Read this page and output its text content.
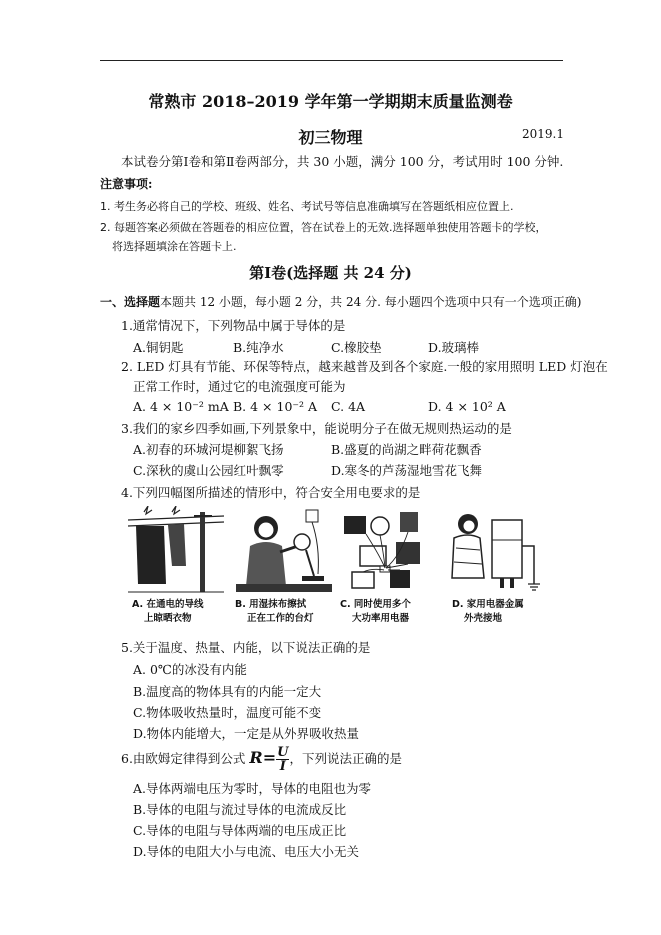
常熟市 2018–2019 学年第一学期期末质量监测卷
初三物理	2019.1
本试卷分第Ⅰ卷和第Ⅱ卷两部分，共 30 小题，满分 100 分，考试用时 100 分钟.
注意事项:
1. 考生务必将自己的学校、班级、姓名、考试号等信息准确填写在答题纸相应位置上.
2. 每题答案必须做在答题卷的相应位置，答在试卷上的无效.选择题单独使用答题卡的学校，
将选择题填涂在答题卡上.
第Ⅰ卷(选择题 共 24 分)
一、选择题本题共 12 小题，每小题 2 分，共 24 分. 每小题四个选项中只有一个选项正确)
1.通常情况下，下列物品中属于导体的是
A.铜钥匙	B.纯净水	C.橡胶垫	D.玻璃棒
2. LED 灯具有节能、环保等特点，越来越普及到各个家庭.一般的家用照明 LED 灯泡在
正常工作时，通过它的电流强度可能为
A. 4 × 10⁻² mA B. 4 × 10⁻² A C. 4A	D. 4 × 10² A
3.我们的家乡四季如画,下列景象中，能说明分子在做无规则热运动的是
A.初春的环城河堤柳絮飞扬	B.盛夏的尚湖之畔荷花飘香
C.深秋的虞山公园红叶飘零	D.寒冬的芦荡湿地雪花飞舞
4.下列四幅图所描述的情形中，符合安全用电要求的是
A. 在通电的导线
上晾晒衣物
B. 用湿抹布擦拭
正在工作的台灯
C. 同时使用多个
大功率用电器
D. 家用电器金属
外壳接地
5.关于温度、热量、内能，以下说法正确的是
A. 0℃的冰没有内能
B.温度高的物体具有的内能一定大
C.物体吸收热量时，温度可能不变
D.物体内能增大，一定是从外界吸收热量
6.由欧姆定律得到公式 $R= \frac{U}{I}$ ，下列说法正确的是
A.导体两端电压为零时，导体的电阻也为零
B.导体的电阻与流过导体的电流成反比
C.导体的电阻与导体两端的电压成正比
D.导体的电阻大小与电流、电压大小无关
